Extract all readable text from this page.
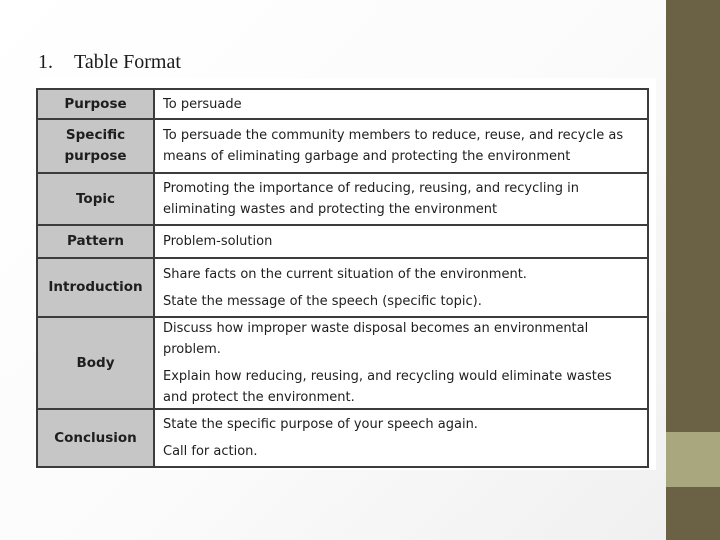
1.	Table Format
Purpose	To persuade

Specific purpose	To persuade the community members to reduce, reuse, and recycle as means of eliminating garbage and protecting the environment

Topic	Promoting the importance of reducing, reusing, and recycling in eliminating wastes and protecting the environment

Pattern	Problem-solution

Introduction	Share facts on the current situation of the environment.
State the message of the speech (specific topic).

Body	Discuss how improper waste disposal becomes an environmental problem.
Explain how reducing, reusing, and recycling would eliminate wastes and protect the environment.

Conclusion	State the specific purpose of your speech again.
Call for action.
